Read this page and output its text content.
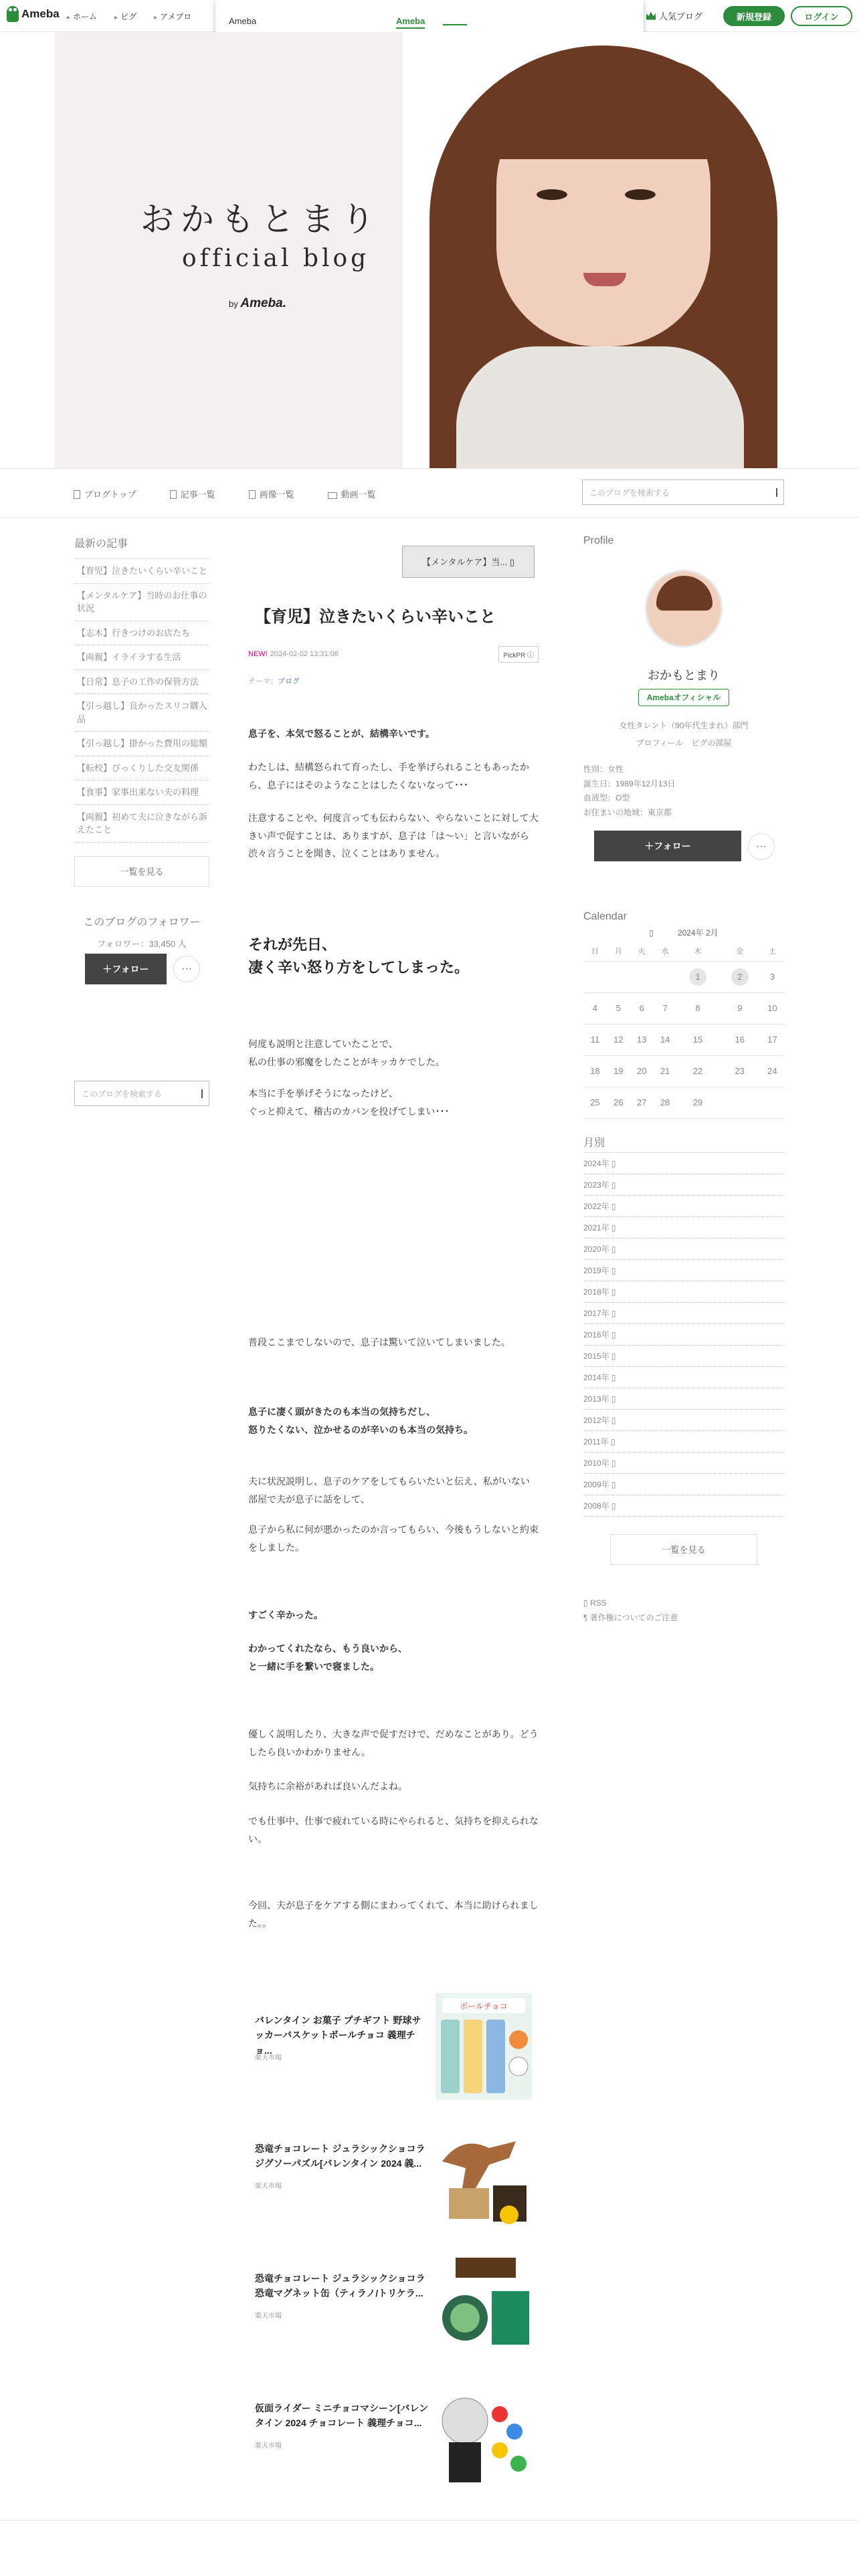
Ameba	▸ ホーム	▸ ピグ	▸ アメプロ	人気ブログ	新規登録	ログイン
Ameba	Ameba
おかもとまり
official blog
by Ameba.
ブログトップ	記事一覧	画像一覧	動画一覧	このブログを検索する
最新の記事
【育児】泣きたいくらい辛いこと
【メンタルケア】当時のお仕事の状況
【志木】行きつけのお店たち
【両親】イライラする生活
【日常】息子の工作の保管方法
【引っ越し】良かったスリコ購入品
【引っ越し】掛かった費用の総額
【転校】びっくりした交友関係
【食事】家事出来ない夫の料理
【両親】初めて夫に泣きながら訴えたこと
一覧を見る
このブログのフォロワー
フォロワー：33,450 人
＋フォロー	···
このブログを検索する
【メンタルケア】当... ▯
【育児】泣きたいくらい辛いこと
NEW! 2024-02-02 13:31:06	PickPR ⓘ
テーマ：ブログ
息子を、本気で怒ることが、結構辛いです。
わたしは、結構怒られて育ったし、手を挙げられることもあったから、息子にはそのようなことはしたくないなって･･･
注意することや、何度言っても伝わらない、やらないことに対して大きい声で促すことは、ありますが、息子は「は〜い」と言いながら渋々言うことを聞き、泣くことはありません。
それが先日、
凄く辛い怒り方をしてしまった。
何度も説明と注意していたことで、
私の仕事の邪魔をしたことがキッカケでした。
本当に手を挙げそうになったけど、
ぐっと抑えて、稽古のカバンを投げてしまい･･･
普段ここまでしないので、息子は驚いて泣いてしまいました。
息子に凄く頭がきたのも本当の気持ちだし、
怒りたくない、泣かせるのが辛いのも本当の気持ち。
夫に状況説明し、息子のケアをしてもらいたいと伝え、私がいない部屋で夫が息子に話をして、
息子から私に何が悪かったのか言ってもらい、今後もうしないと約束をしました。
すごく辛かった。
わかってくれたなら、もう良いから、
と一緒に手を繋いで寝ました。
優しく説明したり、大きな声で促すだけで、だめなことがあり。どうしたら良いかわかりません。
気持ちに余裕があれば良いんだよね。
でも仕事中、仕事で疲れている時にやられると、気持ちを抑えられない。
今回、夫が息子をケアする側にまわってくれて、本当に助けられました。。
バレンタイン お菓子 プチギフト 野球サッカーバスケットボールチョコ 義理チョ...
楽天市場
ボールチョコ
恐竜チョコレート ジュラシックショコラ ジグソーパズル[バレンタイン 2024 義...
楽天市場
恐竜チョコレート ジュラシックショコラ 恐竜マグネット缶（ティラノ/トリケラ...
楽天市場
仮面ライダー ミニチョコマシーン[バレンタイン 2024 チョコレート 義理チョコ...
楽天市場
Profile
おかもとまり
Amebaオフィシャル
女性タレント（90年代生まれ）部門
プロフィール　ピグの部屋
性別：女性
誕生日：1989年12月13日
血液型：O型
お住まいの地域：東京都
＋フォロー	···
Calendar
▯　　　	2024年 2月
日	月	火	水	木	金	土
				1	2	3
4	5	6	7	8	9	10
11	12	13	14	15	16	17
18	19	20	21	22	23	24
25	26	27	28	29		
月別
2024年 ▯
2023年 ▯
2022年 ▯
2021年 ▯
2020年 ▯
2019年 ▯
2018年 ▯
2017年 ▯
2016年 ▯
2015年 ▯
2014年 ▯
2013年 ▯
2012年 ▯
2011年 ▯
2010年 ▯
2009年 ▯
2008年 ▯
一覧を見る
▯ RSS
¶ 著作権についてのご注意
